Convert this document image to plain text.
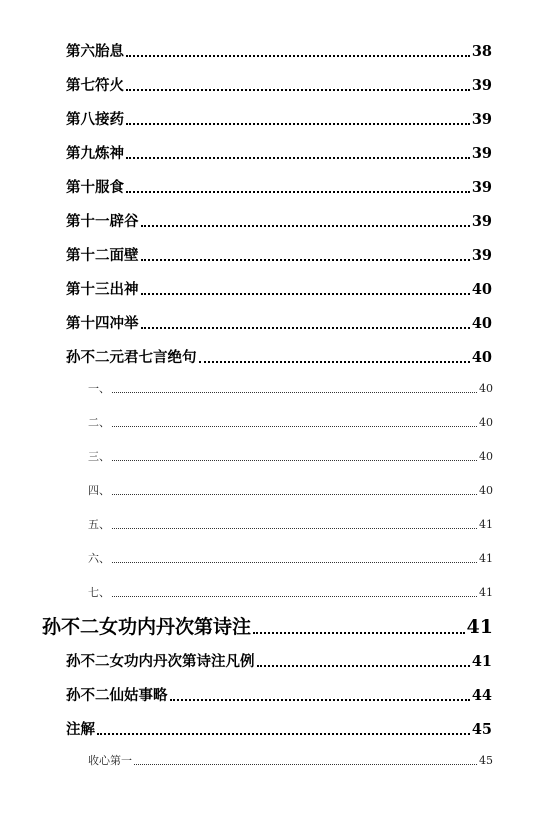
第六胎息	38
第七符火	39
第八接药	39
第九炼神	39
第十服食	39
第十一辟谷	39
第十二面壁	39
第十三出神	40
第十四冲举	40
孙不二元君七言绝句	40
一、	40
二、	40
三、	40
四、	40
五、	41
六、	41
七、	41
孙不二女功内丹次第诗注	41
孙不二女功内丹次第诗注凡例	41
孙不二仙姑事略	44
注解	45
收心第一	45
